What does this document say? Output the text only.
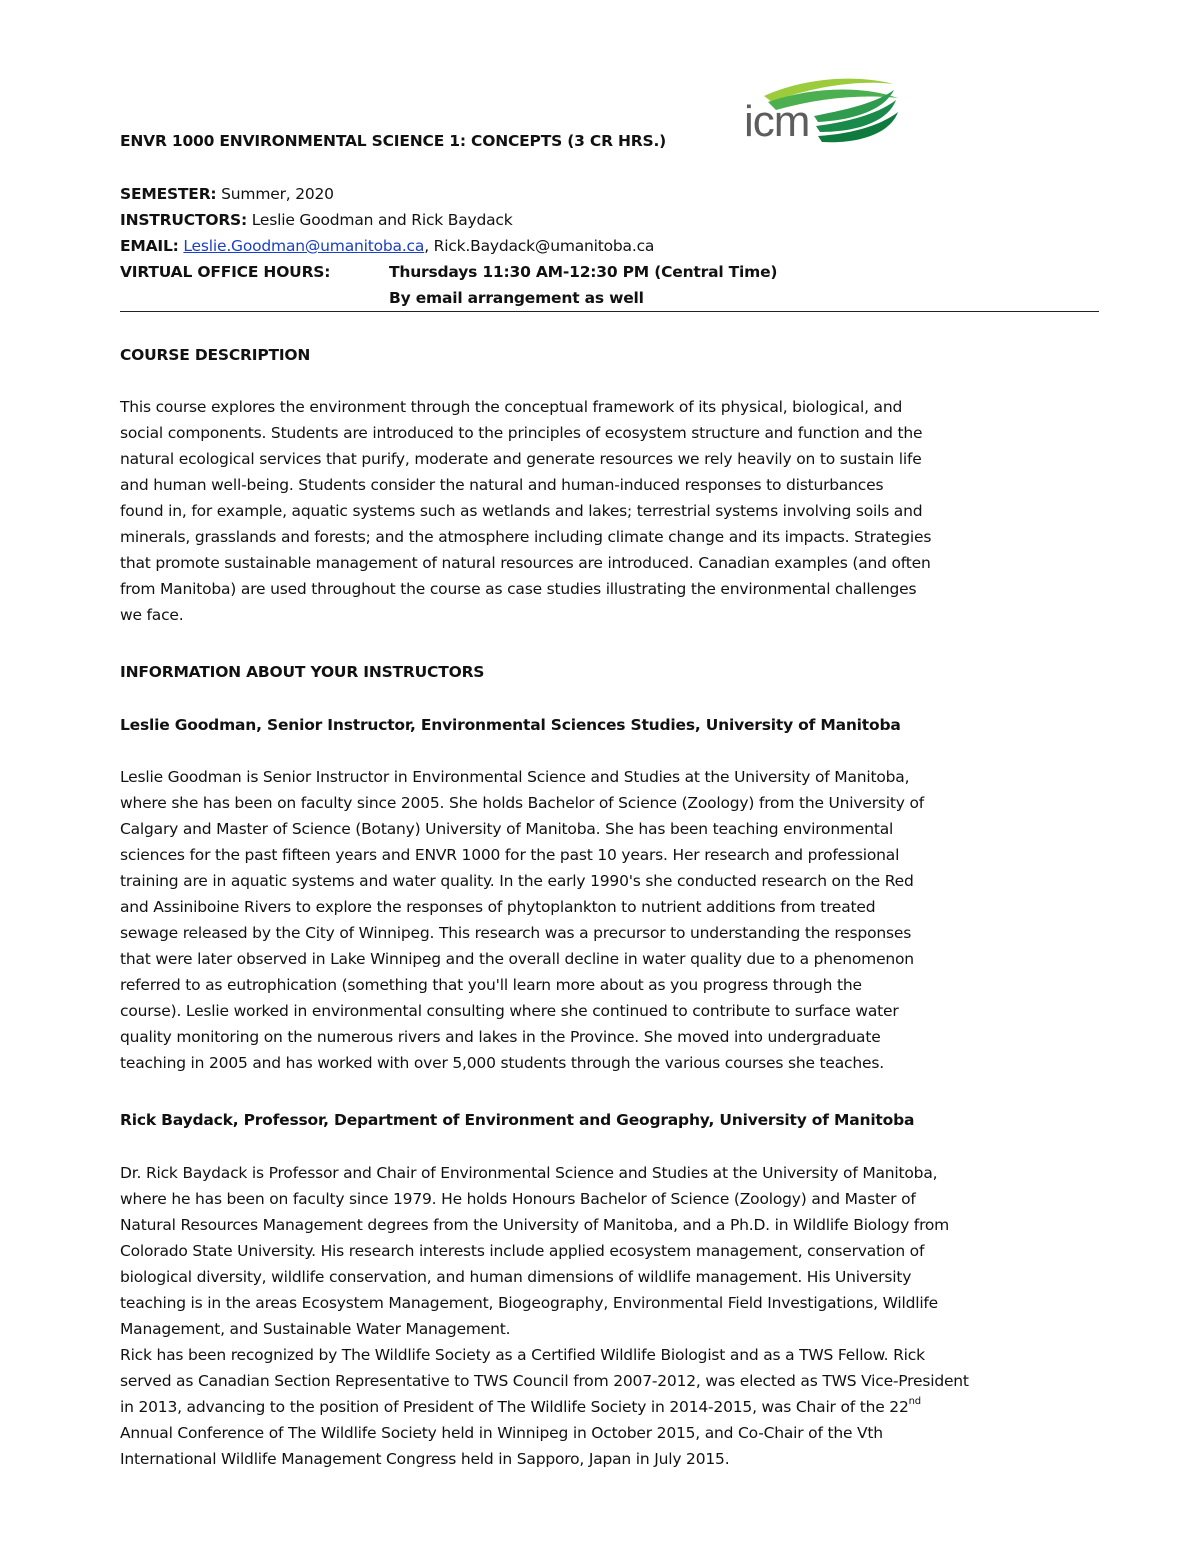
icm
ENVR 1000 ENVIRONMENTAL SCIENCE 1: CONCEPTS (3 CR HRS.)
SEMESTER: Summer, 2020
INSTRUCTORS: Leslie Goodman and Rick Baydack
EMAIL: Leslie.Goodman@umanitoba.ca, Rick.Baydack@umanitoba.ca
VIRTUAL OFFICE HOURS:	Thursdays 11:30 AM-12:30 PM (Central Time)
By email arrangement as well
COURSE DESCRIPTION
This course explores the environment through the conceptual framework of its physical, biological, and
social components. Students are introduced to the principles of ecosystem structure and function and the
natural ecological services that purify, moderate and generate resources we rely heavily on to sustain life
and human well-being. Students consider the natural and human-induced responses to disturbances
found in, for example, aquatic systems such as wetlands and lakes; terrestrial systems involving soils and
minerals, grasslands and forests; and the atmosphere including climate change and its impacts. Strategies
that promote sustainable management of natural resources are introduced. Canadian examples (and often
from Manitoba) are used throughout the course as case studies illustrating the environmental challenges
we face.
INFORMATION ABOUT YOUR INSTRUCTORS
Leslie Goodman, Senior Instructor, Environmental Sciences Studies, University of Manitoba
Leslie Goodman is Senior Instructor in Environmental Science and Studies at the University of Manitoba,
where she has been on faculty since 2005. She holds Bachelor of Science (Zoology) from the University of
Calgary and Master of Science (Botany) University of Manitoba. She has been teaching environmental
sciences for the past fifteen years and ENVR 1000 for the past 10 years. Her research and professional
training are in aquatic systems and water quality. In the early 1990's she conducted research on the Red
and Assiniboine Rivers to explore the responses of phytoplankton to nutrient additions from treated
sewage released by the City of Winnipeg. This research was a precursor to understanding the responses
that were later observed in Lake Winnipeg and the overall decline in water quality due to a phenomenon
referred to as eutrophication (something that you'll learn more about as you progress through the
course). Leslie worked in environmental consulting where she continued to contribute to surface water
quality monitoring on the numerous rivers and lakes in the Province. She moved into undergraduate
teaching in 2005 and has worked with over 5,000 students through the various courses she teaches.
Rick Baydack, Professor, Department of Environment and Geography, University of Manitoba
Dr. Rick Baydack is Professor and Chair of Environmental Science and Studies at the University of Manitoba,
where he has been on faculty since 1979. He holds Honours Bachelor of Science (Zoology) and Master of
Natural Resources Management degrees from the University of Manitoba, and a Ph.D. in Wildlife Biology from
Colorado State University. His research interests include applied ecosystem management, conservation of
biological diversity, wildlife conservation, and human dimensions of wildlife management. His University
teaching is in the areas Ecosystem Management, Biogeography, Environmental Field Investigations, Wildlife
Management, and Sustainable Water Management.
Rick has been recognized by The Wildlife Society as a Certified Wildlife Biologist and as a TWS Fellow. Rick
served as Canadian Section Representative to TWS Council from 2007-2012, was elected as TWS Vice-President
in 2013, advancing to the position of President of The Wildlife Society in 2014-2015, was Chair of the 22nd
Annual Conference of The Wildlife Society held in Winnipeg in October 2015, and Co-Chair of the Vth
International Wildlife Management Congress held in Sapporo, Japan in July 2015.
